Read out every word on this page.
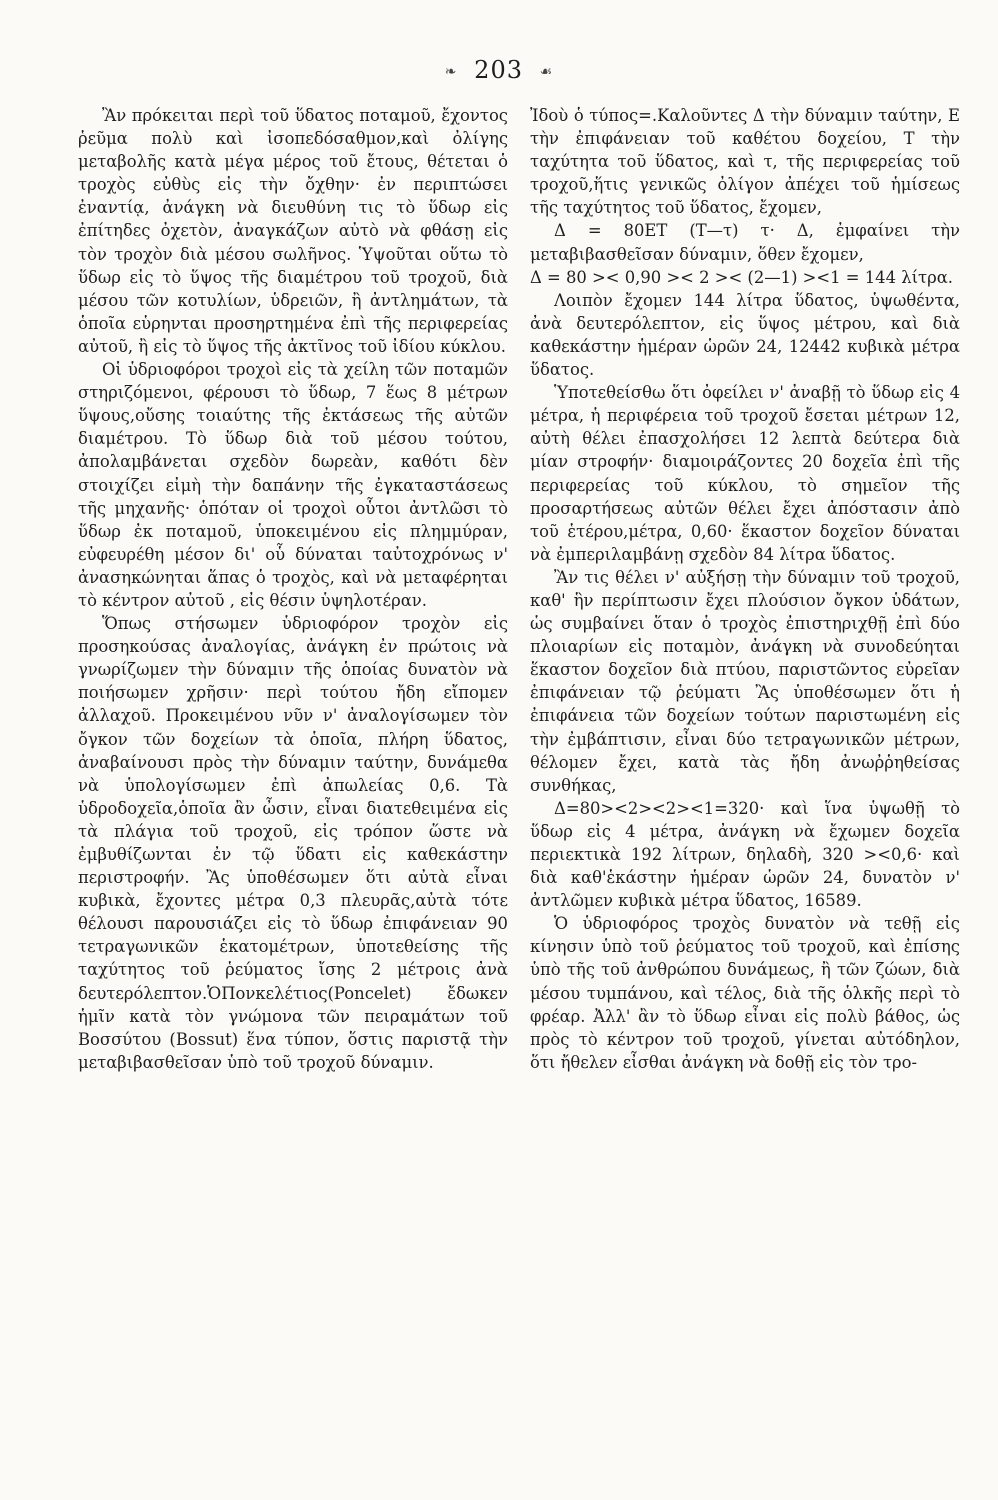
❧ 203 ☙

Ἂν πρόκειται περὶ τοῦ ὕδατος ποταμοῦ, ἔχοντος ῥεῦμα πολὺ καὶ ἰσοπεδόσαθμον,καὶ ὀλίγης μεταβολῆς κατὰ μέγα μέρος τοῦ ἔτους, θέτεται ὁ τροχὸς εὐθὺς εἰς τὴν ὄχθην· ἐν περιπτώσει ἐναντίᾳ, ἀνάγκη νὰ διευθύνη τις τὸ ὕδωρ εἰς ἐπίτηδες ὀχετὸν, ἀναγκάζων αὐτὸ νὰ φθάσῃ εἰς τὸν τροχὸν διὰ μέσου σωλῆνος. Ὑψοῦται οὕτω τὸ ὕδωρ εἰς τὸ ὕψος τῆς διαμέτρου τοῦ τροχοῦ, διὰ μέσου τῶν κοτυλίων, ὑδρειῶν, ἢ ἀντλημάτων, τὰ ὁποῖα εὑρηνται προσηρτημένα ἐπὶ τῆς περιφερείας αὐτοῦ, ἢ εἰς τὸ ὕψος τῆς ἀκτῖνος τοῦ ἰδίου κύκλου.

Οἱ ὑδριοφόροι τροχοὶ εἰς τὰ χείλη τῶν ποταμῶν στηριζόμενοι, φέρουσι τὸ ὕδωρ, 7 ἕως 8 μέτρων ὕψους,οὔσης τοιαύτης τῆς ἐκτάσεως τῆς αὐτῶν διαμέτρου. Τὸ ὕδωρ διὰ τοῦ μέσου τούτου, ἀπολαμβάνεται σχεδὸν δωρεὰν, καθότι δὲν στοιχίζει εἰμὴ τὴν δαπάνην τῆς ἐγκαταστάσεως τῆς μηχανῆς· ὁπόταν οἱ τροχοὶ οὗτοι ἀντλῶσι τὸ ὕδωρ ἐκ ποταμοῦ, ὑποκειμένου εἰς πλημμύραν, εὐφευρέθη μέσον δι' οὗ δύναται ταὐτοχρόνως ν' ἀνασηκώνηται ἅπας ὁ τροχὸς, καὶ νὰ μεταφέρηται τὸ κέντρον αὐτοῦ , εἰς θέσιν ὑψηλοτέραν.

Ὅπως στήσωμεν ὑδριοφόρον τροχὸν εἰς προσηκούσας ἀναλογίας, ἀνάγκη ἐν πρώτοις νὰ γνωρίζωμεν τὴν δύναμιν τῆς ὁποίας δυνατὸν νὰ ποιήσωμεν χρῆσιν· περὶ τούτου ἤδη εἴπομεν ἀλλαχοῦ. Προκειμένου νῦν ν' ἀναλογίσωμεν τὸν ὄγκον τῶν δοχείων τὰ ὁποῖα, πλήρη ὕδατος, ἀναβαίνουσι πρὸς τὴν δύναμιν ταύτην, δυνάμεθα νὰ ὑπολογίσωμεν ἐπὶ ἀπωλείας 0,6. Τὰ ὑδροδοχεῖα,ὁποῖα ἂν ὦσιν, εἶναι διατεθειμένα εἰς τὰ πλάγια τοῦ τροχοῦ, εἰς τρόπον ὥστε νὰ ἐμβυθίζωνται ἐν τῷ ὕδατι εἰς καθεκάστην περιστροφήν. Ἂς ὑποθέσωμεν ὅτι αὐτὰ εἶναι κυβικὰ, ἔχοντες μέτρα 0,3 πλευρᾶς,αὐτὰ τότε θέλουσι παρουσιάζει εἰς τὸ ὕδωρ ἐπιφάνειαν 90 τετραγωνικῶν ἑκατομέτρων, ὑποτεθείσης τῆς ταχύτητος τοῦ ῥεύματος ἴσης 2 μέτροις ἀνὰ δευτερόλεπτον.ὉΠονκελέτιος(Poncelet) ἔδωκεν ἡμῖν κατὰ τὸν γνώμονα τῶν πειραμάτων τοῦ Βοσσύτου (Bossut) ἕνα τύπον, ὅστις παριστᾷ τὴν μεταβιβασθεῖσαν ὑπὸ τοῦ τροχοῦ δύναμιν.

Ἰδοὺ ὁ τύπος=.Καλοῦντες Δ τὴν δύναμιν ταύτην, Ε τὴν ἐπιφάνειαν τοῦ καθέτου δοχείου, Τ τὴν ταχύτητα τοῦ ὕδατος, καὶ τ, τῆς περιφερείας τοῦ τροχοῦ,ἥτις γενικῶς ὀλίγον ἀπέχει τοῦ ἡμίσεως τῆς ταχύτητος τοῦ ὕδατος, ἔχομεν,

Δ = 80ΕΤ (Τ—τ) τ· Δ, ἐμφαίνει τὴν μεταβιβασθεῖσαν δύναμιν, ὅθεν ἔχομεν,

Δ = 80 >< 0,90 >< 2 >< (2—1) ><1 = 144 λίτρα.

Λοιπὸν ἔχομεν 144 λίτρα ὕδατος, ὑψωθέντα, ἀνὰ δευτερόλεπτον, εἰς ὕψος μέτρου, καὶ διὰ καθεκάστην ἡμέραν ὡρῶν 24, 12442 κυβικὰ μέτρα ὕδατος.

Ὑποτεθείσθω ὅτι ὀφείλει ν' ἀναβῇ τὸ ὕδωρ εἰς 4 μέτρα, ἡ περιφέρεια τοῦ τροχοῦ ἔσεται μέτρων 12, αὐτὴ θέλει ἐπασχολήσει 12 λεπτὰ δεύτερα διὰ μίαν στροφήν· διαμοιράζοντες 20 δοχεῖα ἐπὶ τῆς περιφερείας τοῦ κύκλου, τὸ σημεῖον τῆς προσαρτήσεως αὐτῶν θέλει ἔχει ἀπόστασιν ἀπὸ τοῦ ἑτέρου,μέτρα, 0,60· ἕκαστον δοχεῖον δύναται νὰ ἐμπεριλαμβάνῃ σχεδὸν 84 λίτρα ὕδατος.

Ἂν τις θέλει ν' αὐξήσῃ τὴν δύναμιν τοῦ τροχοῦ, καθ' ἣν περίπτωσιν ἔχει πλούσιον ὄγκον ὑδάτων, ὡς συμβαίνει ὅταν ὁ τροχὸς ἐπιστηριχθῇ ἐπὶ δύο πλοιαρίων εἰς ποταμὸν, ἀνάγκη νὰ συνοδεύηται ἕκαστον δοχεῖον διὰ πτύου, παριστῶντος εὐρεῖαν ἐπιφάνειαν τῷ ῥεύματι Ἂς ὑποθέσωμεν ὅτι ἡ ἐπιφάνεια τῶν δοχείων τούτων παριστωμένη εἰς τὴν ἐμβάπτισιν, εἶναι δύο τετραγωνικῶν μέτρων, θέλομεν ἔχει, κατὰ τὰς ἤδη ἀνωῤῥηθείσας συνθήκας,

Δ=80><2><2><1=320· καὶ ἵνα ὑψωθῇ τὸ ὕδωρ εἰς 4 μέτρα, ἀνάγκη νὰ ἔχωμεν δοχεῖα περιεκτικὰ 192 λίτρων, δηλαδὴ, 320 ><0,6· καὶ διὰ καθ'ἑκάστην ἡμέραν ὡρῶν 24, δυνατὸν ν' ἀντλῶμεν κυβικὰ μέτρα ὕδατος, 16589.

Ὁ ὑδριοφόρος τροχὸς δυνατὸν νὰ τεθῇ εἰς κίνησιν ὑπὸ τοῦ ῥεύματος τοῦ τροχοῦ, καὶ ἐπίσης ὑπὸ τῆς τοῦ ἀνθρώπου δυνάμεως, ἢ τῶν ζώων, διὰ μέσου τυμπάνου, καὶ τέλος, διὰ τῆς ὁλκῆς περὶ τὸ φρέαρ. Ἀλλ' ἂν τὸ ὕδωρ εἶναι εἰς πολὺ βάθος, ὡς πρὸς τὸ κέντρον τοῦ τροχοῦ, γίνεται αὐτόδηλον, ὅτι ἤθελεν εἶσθαι ἀνάγκη νὰ δοθῇ εἰς τὸν τρο-
